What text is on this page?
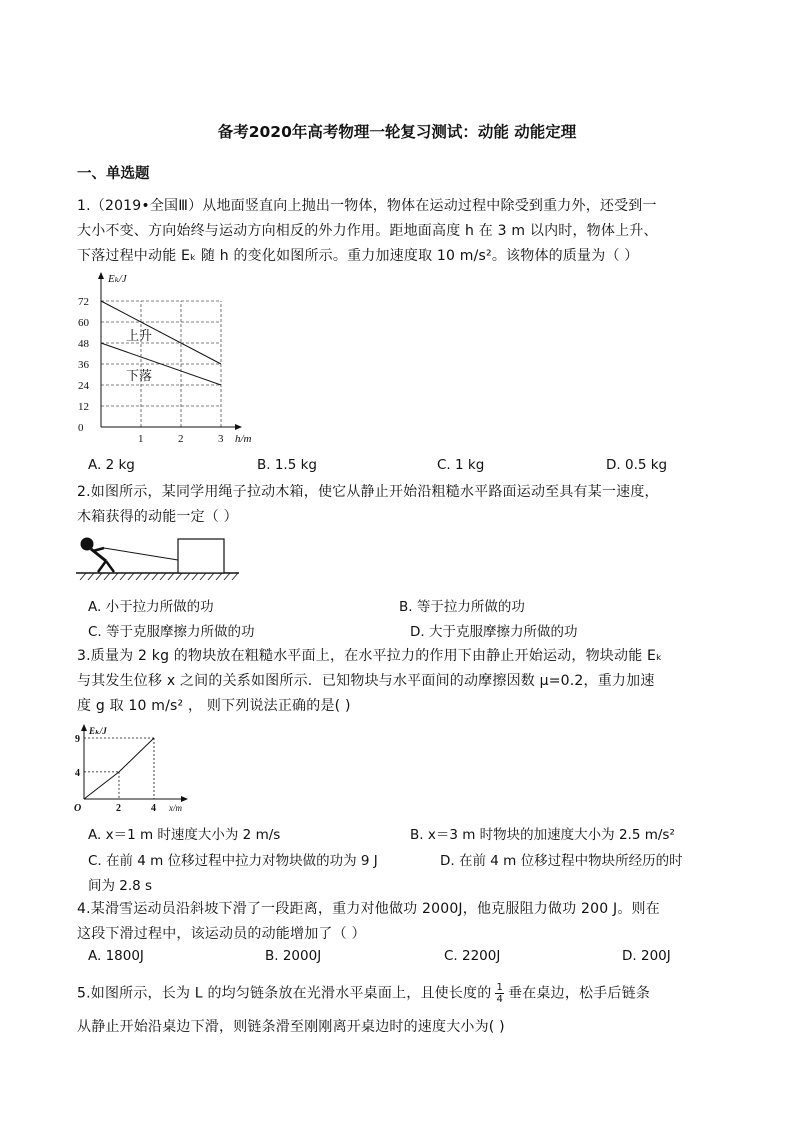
备考2020年高考物理一轮复习测试：动能 动能定理
一、单选题
1.（2019•全国Ⅲ）从地面竖直向上抛出一物体，物体在运动过程中除受到重力外，还受到一
大小不变、方向始终与运动方向相反的外力作用。距地面高度 h 在 3 m 以内时，物体上升、
下落过程中动能 Eₖ 随 h 的变化如图所示。重力加速度取 10 m/s²。该物体的质量为（ ）
0
12
24
36
48
60
72
1	2	3
Eₖ/J
h/m
上升
下落
A. 2 kg	B. 1.5 kg	C. 1 kg	D. 0.5 kg
2.如图所示，某同学用绳子拉动木箱，使它从静止开始沿粗糙水平路面运动至具有某一速度，
木箱获得的动能一定（ ）
A. 小于拉力所做的功	B. 等于拉力所做的功
C. 等于克服摩擦力所做的功	D. 大于克服摩擦力所做的功
3.质量为 2 kg 的物块放在粗糙水平面上，在水平拉力的作用下由静止开始运动，物块动能 Eₖ
与其发生位移 x 之间的关系如图所示．已知物块与水平面间的动摩擦因数 μ=0.2，重力加速
度 g 取 10 m/s² ， 则下列说法正确的是( )
4
9
2	4
O
Eₖ/J
x/m
A. x＝1 m 时速度大小为 2 m/s	B. x＝3 m 时物块的加速度大小为 2.5 m/s²
C. 在前 4 m 位移过程中拉力对物块做的功为 9 J	D. 在前 4 m 位移过程中物块所经历的时
间为 2.8 s
4.某滑雪运动员沿斜坡下滑了一段距离，重力对他做功 2000J，他克服阻力做功 200 J。则在
这段下滑过程中，该运动员的动能增加了（ ）
A. 1800J	B. 2000J	C. 2200J	D. 200J
5.如图所示，长为 L 的均匀链条放在光滑水平桌面上，且使长度的 $\frac{1}{4}$ 垂在桌边，松手后链条
从静止开始沿桌边下滑，则链条滑至刚刚离开桌边时的速度大小为( )
